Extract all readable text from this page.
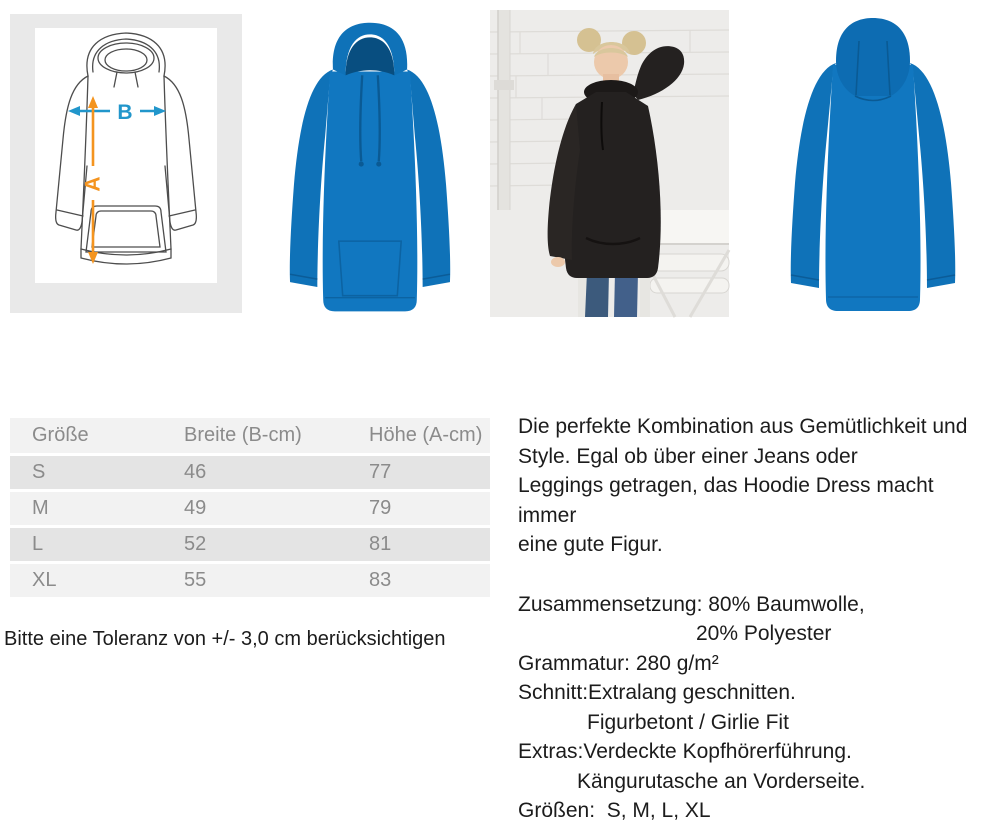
B
A
Größe	Breite (B-cm)	Höhe (A-cm)
S	46	77
M	49	79
L	52	81
XL	55	83
Bitte eine Toleranz von +/- 3,0 cm berücksichtigen
Die perfekte Kombination aus Gemütlichkeit und
Style. Egal ob über einer Jeans oder
Leggings getragen, das Hoodie Dress macht immer
eine gute Figur.
Zusammensetzung: 80% Baumwolle,
20% Polyester
Grammatur: 280 g/m²
Schnitt:Extralang geschnitten.
Figurbetont / Girlie Fit
Extras:Verdeckte Kopfhörerführung.
Kängurutasche an Vorderseite.
Größen:  S, M, L, XL
